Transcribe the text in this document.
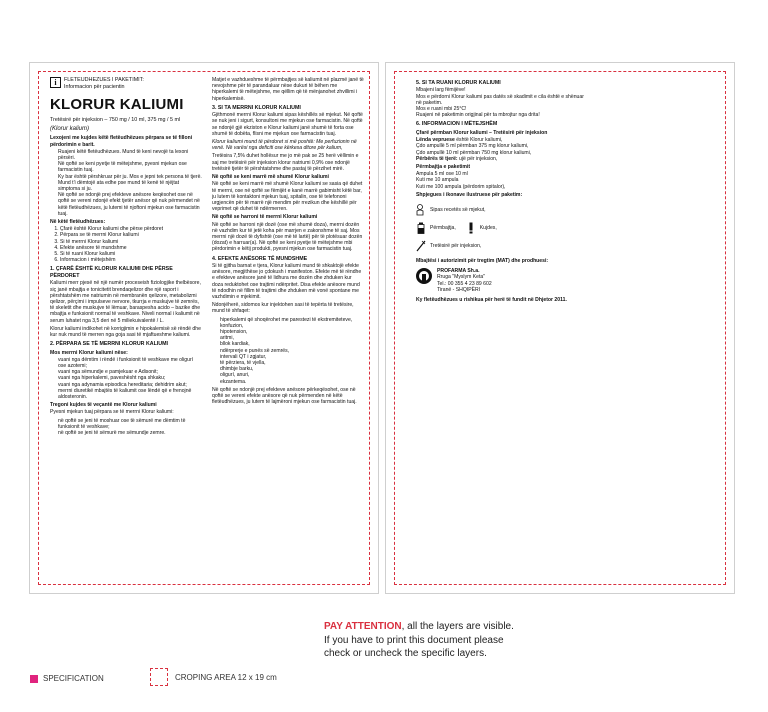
i	FLETËUDHËZUES I PAKETIMIT:
Informacion për pacientin
KLORUR KALIUMI

Tretësirë për injeksion – 750 mg / 10 ml, 375 mg / 5 ml

(Klorur kalium)

Lexojeni me kujdes këtë fletëudhëzues përpara se të filloni përdorimin e barit.
• Ruajeni këtë fletëudhëzues. Mund të keni nevojë ta lexoni përsëri.
• Në qoftë se keni pyetje të mëtejshme, pyesni mjekun ose farmacistin tuaj.
• Ky bar është përshkruar për ju. Mos e jepni tek persona të tjerë. Mund t'i dëmtojë ata edhe pse mund të kenë të njëjtat simptoma si ju.
• Në qoftë se ndonjë prej efekteve anësore keqësohet ose në qoftë se vereni ndonjë efekt tjetër anësor që nuk përmendet në këtë fletëudhëzues, ju lutemi të njoftoni mjekun ose farmacistin tuaj.
Në këtë fletëudhëzues:
1. Çfarë është Klorur kaliumi dhe përse përdoret
2. Përpara se të merrni Klorur kaliumi
3. Si të merrni Klorur kaliumi
4. Efekte anësore të mundshme
5. Si të ruani Klorur kaliumi
6. Informacion i mëtejshëm
1. ÇFARË ËSHTË KLORUR KALIUMI DHE PËRSE PËRDORET

Kaliumi merr pjesë në një numër proceseish fiziologjike thelbësore, siç janë mbajtja e tonicitetit brendaqelizor dhe një raport i përshtatshëm me natriumin në membranën qelizore, metabolizmi qelizor, përçimi i impulseve nervore, tkurrja e muskujve të zemrës, të skeletit dhe muskujve të lëmuar, baraspesha acido – bazike dhe mbajtja e funksionit normal të veshkave. Niveli normal i kaliumit në serum luhatet nga 3,5 deri në 5 miliekuivalentë / L.

Klorur kaliumi indikohet në korrigjimin e hipokalemisë së rëndë dhe kur nuk mund të merren nga goja sasi të mjaftueshme kaliumi.

2. PËRPARA SE TË MERRNI KLORUR KALIUMI
Mos merrni Klorur kaliumi nëse:
• vuani nga dëmtim i rëndë i funksionit të veshkave me oligurí ose azotemi;
• vuani nga sëmundje e pamjekuar e Adisonit;
• vuani nga hiperkalemi, paveshësht nga shkaku;
• vuani nga adynamia episodica hereditaria; dehidrim akut;
• merrni diuretikë mbajtës të kaliumit ose lëndë që e frenojnë aldosteronin.
Tregoni kujdes të veçantë me Klorur kaliumi

Pyesni mjekun tuaj përpara se të merrni Klorur kaliumi:

• në qoftë se jeni të moshuar ose të sëmurë me dëmtim të funksionit të veshkave;
• në qoftë se jeni të sëmurë me sëmundje zemre.

Matjet e vazhdueshme të përmbajtjes së kaliumit në plazmë janë të nevojshme për të parandaluar nëse dukuri të bëhen me hiperkalemi të mëtejshme, me qëllim që të mënjanohet zhvillimi i hiperkalemisë.

3. SI TA MERRNI KLORUR KALIUMI

Gjithmonë merrni Klorur kaliumi sipas këshillës së mjekut. Në qoftë se nuk jeni i sigurt, konsultoni me mjekun ose farmacistin. Në qoftë se ndonjë gjë ekziston e Klorur kaliumi janë shumë të forta ose shumë të dobëta, flisni me mjekun ose farmacistin tuaj.

Klorur kaliumi mund të përdoret si më poshtë: Me perfuzionin në venë. Në varësi nga deficiti ose kërkesa ditore për kalium,

Tretësira 7,5% duhet hollësur me jo më pak se 25 herë vëllimin e saj me tretësirë për injeksion klorur natriumi 0,9% ose ndonjë tretësirë tjetër të përshtatshme dhe pastaj të përzihet mirë.

Në qoftë se keni marrë më shumë Klorur kaliumi

Në qoftë se keni marrë më shumë Klorur kaliumi se sasia që duhet të merrni, ose në qoftë se fëmijët e kanë marrë gabimisht këtë bar, ju lutem të kontaktoni mjekun tuaj, spitalin, ose të telefononi urgjencën për të marrë një mendim për rrezikun dhe këshillë për veprimet që duhet të ndërmerren.

Në qoftë se harroni të merrni Klorur kaliumi

Në qoftë se harroni një dozë (ose më shumë doza), merrni dozën në vazhdim kur të jetë koha për marrjen e zakonshme të saj. Mos merrni një dozë të dyfishtë (ose më të lartë) për të plotësuar dozën (dozat) e harruar(a). Në qoftë se keni pyetje të mëtejshme mbi përdorimin e këtij produkti, pyesni mjekun ose farmacistin tuaj.

4. EFEKTE ANËSORE TË MUNDSHME

Si të gjitha barnat e tjera, Klorur kaliumi mund të shkaktojë efekte anësore, megjithëse jo çdokush i manifeston. Efekte më të rëndhe e efekteve anësore janë të lidhura me dozën dhe zhduken kur doza reduktohet ose trajtimi ndërpritet. Disa efekte anësore mund të ndodhin në fillim të trajtimi dhe zhduken më vonë spontane me vazhdimin e mjekimit.

Ndonjëherë, sidomos kur injektohen sasi të tepërta të tretësire, mund të shfaqet:

• hiperkalemi që shoqërohet me parestezi të ekstremiteteve,
• konfuzion,
• hipotension,
• aritmi,
• bllok kardiak,
• ndërprerje e punës së zemrës,
• intervali QT i zgjatur,
• të përziera, të vjella,
• dhimbje barku,
• oligurí, anuri,
• ekzantema.

Në qoftë se ndonjë prej efekteve anësore përkeqësohet, ose në qoftë se vereni efekte anësore që nuk përmenden në këtë fletëudhëzues, ju lutem të lajmëroni mjekun ose farmacistin tuaj.

5. SI TA RUANI KLORUR KALIUMI

Mbajeni larg fëmijëve!

Mos e përdorni Klorur kaliumi pas datës së skadimit e cila është e shënuar në paketim.

Mos e ruani mbi 25°C!

Ruajeni në paketimin origjinal për ta mbrojtur nga drita!

6. INFORMACION I MËTEJSHËM
Çfarë përmban Klorur kaliumi – Tretësirë për injeksion

Lënda vepruese është Klorur kaliumi,

Çdo ampullë 5 ml përmban 375 mg klorur kaliumi,

Çdo ampullë 10 ml përmban 750 mg klorur kaliumi,

Përbërës të tjerë: ujë për injeksion,

Përmbajtja e paketimit

Ampula 5 ml ose 10 ml

Kuti me 10 ampula

Kuti me 100 ampula (përdorim spitalor),

Shpjegues i ikonave ilustruese për paketim:
Sipas recetës së mjekut,
Përmbajtja,	Kujdes,
Tretësirë për injeksion,
Mbajtësi i autorizimit për tregtim (MAT) dhe prodhuesi:
PROFARMA Sh.a.
Rruga "Myslym Keta"
Tel.: 00 355 4 23 89 602
Tiranë - SHQIPËRI
Ky fletëudhëzues u rishikua për herë të fundit në Dhjetor 2011.
SPECIFICATION	CROPING AREA 12 x 19 cm
PAY ATTENTION, all the layers are visible.
If you have to print this document please
check or uncheck the specific layers.
